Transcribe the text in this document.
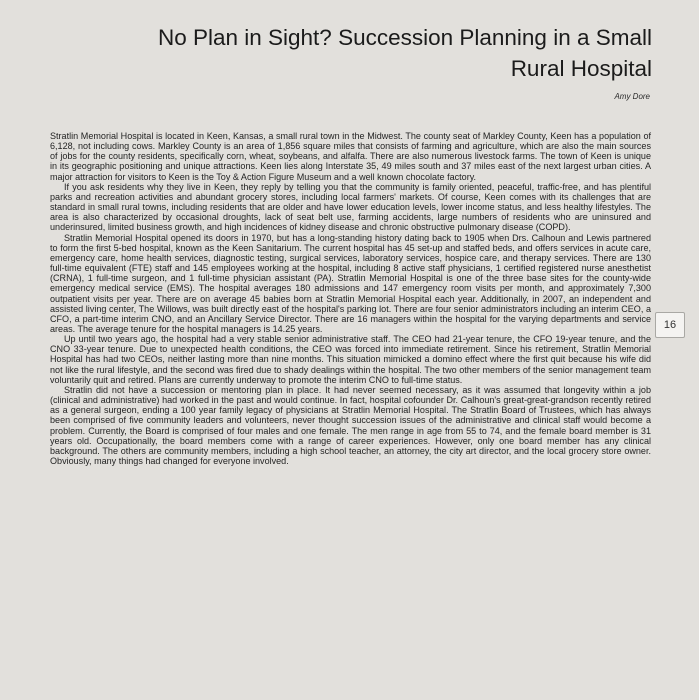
No Plan in Sight? Succession Planning in a Small Rural Hospital
Amy Dore

Stratlin Memorial Hospital is located in Keen, Kansas, a small rural town in the Midwest. The county seat of Markley County, Keen has a population of 6,128, not including cows. Markley County is an area of 1,856 square miles that consists of farming and agriculture, which are also the main sources of jobs for the county residents, specifically corn, wheat, soybeans, and alfalfa. There are also numerous livestock farms. The town of Keen is unique in its geographic positioning and unique attractions. Keen lies along Interstate 35, 49 miles south and 37 miles east of the next largest urban cities. A major attraction for visitors to Keen is the Toy & Action Figure Museum and a well known chocolate factory.

If you ask residents why they live in Keen, they reply by telling you that the community is family oriented, peaceful, traffic-free, and has plentiful parks and recreation activities and abundant grocery stores, including local farmers' markets. Of course, Keen comes with its challenges that are standard in small rural towns, including residents that are older and have lower education levels, lower income status, and less healthy lifestyles. The area is also characterized by occasional droughts, lack of seat belt use, farming accidents, large numbers of residents who are uninsured and underinsured, limited business growth, and high incidences of kidney disease and chronic obstructive pulmonary disease (COPD).

Stratlin Memorial Hospital opened its doors in 1970, but has a long-standing history dating back to 1905 when Drs. Calhoun and Lewis partnered to form the first 5-bed hospital, known as the Keen Sanitarium. The current hospital has 45 set-up and staffed beds, and offers services in acute care, emergency care, home health services, diagnostic testing, surgical services, laboratory services, hospice care, and therapy services. There are 130 full-time equivalent (FTE) staff and 145 employees working at the hospital, including 8 active staff physicians, 1 certified registered nurse anesthetist (CRNA), 1 full-time surgeon, and 1 full-time physician assistant (PA). Stratlin Memorial Hospital is one of the three base sites for the county-wide emergency medical service (EMS). The hospital averages 180 admissions and 147 emergency room visits per month, and approximately 7,300 outpatient visits per year. There are on average 45 babies born at Stratlin Memorial Hospital each year. Additionally, in 2007, an independent and assisted living center, The Willows, was built directly east of the hospital's parking lot. There are four senior administrators including an interim CEO, a CFO, a part-time interim CNO, and an Ancillary Service Director. There are 16 managers within the hospital for the varying departments and service areas. The average tenure for the hospital managers is 14.25 years.

Up until two years ago, the hospital had a very stable senior administrative staff. The CEO had 21-year tenure, the CFO 19-year tenure, and the CNO 33-year tenure. Due to unexpected health conditions, the CEO was forced into immediate retirement. Since his retirement, Stratlin Memorial Hospital has had two CEOs, neither lasting more than nine months. This situation mimicked a domino effect where the first quit because his wife did not like the rural lifestyle, and the second was fired due to shady dealings within the hospital. The two other members of the senior management team voluntarily quit and retired. Plans are currently underway to promote the interim CNO to full-time status.

Stratlin did not have a succession or mentoring plan in place. It had never seemed necessary, as it was assumed that longevity within a job (clinical and administrative) had worked in the past and would continue. In fact, hospital cofounder Dr. Calhoun's great-great-grandson recently retired as a general surgeon, ending a 100 year family legacy of physicians at Stratlin Memorial Hospital. The Stratlin Board of Trustees, which has always been comprised of five community leaders and volunteers, never thought succession issues of the administrative and clinical staff would become a problem. Currently, the Board is comprised of four males and one female. The men range in age from 55 to 74, and the female board member is 31 years old. Occupationally, the board members come with a range of career experiences. However, only one board member has any clinical background. The others are community members, including a high school teacher, an attorney, the city art director, and the local grocery store owner. Obviously, many things had changed for everyone involved.

16
